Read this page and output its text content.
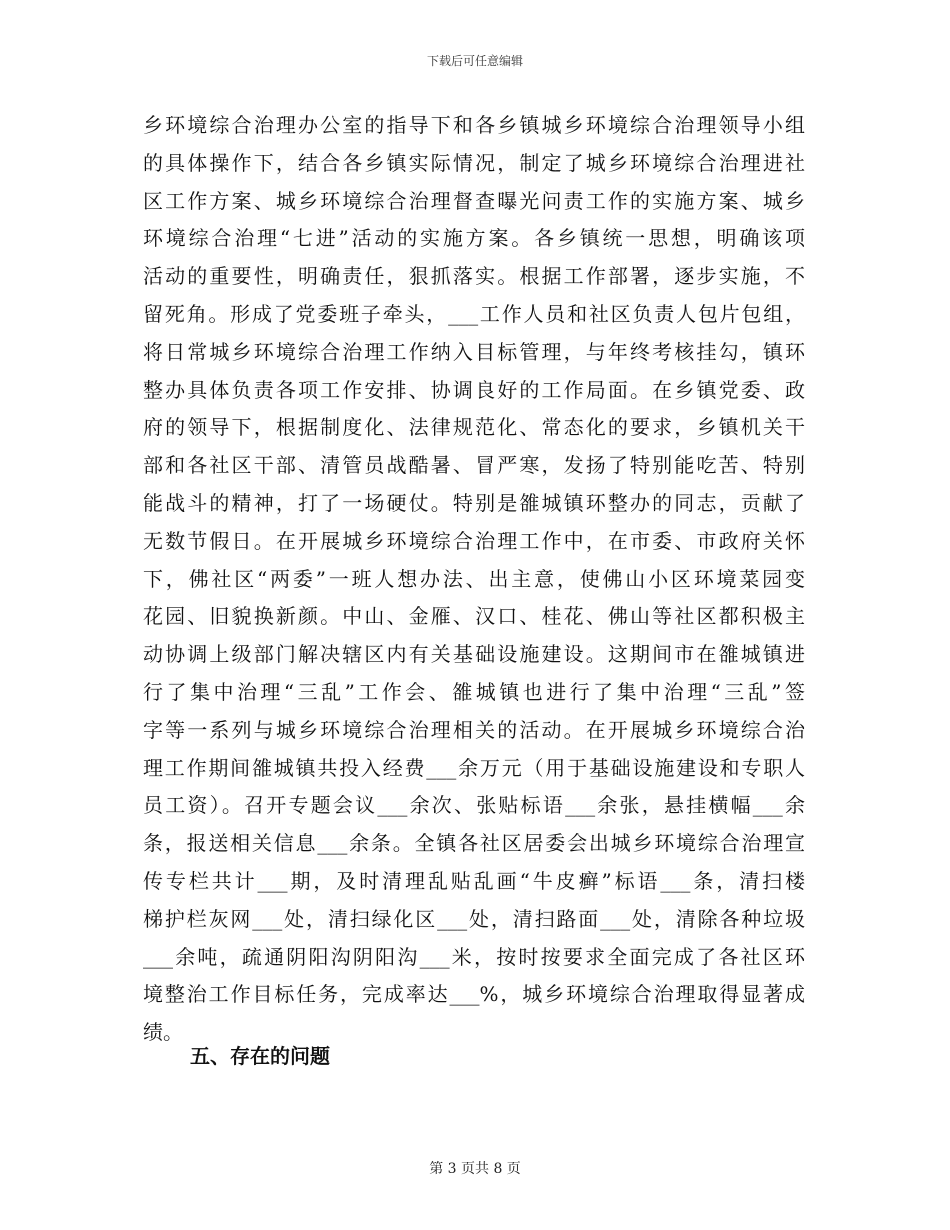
下载后可任意编辑
乡环境综合治理办公室的指导下和各乡镇城乡环境综合治理领导小组
的具体操作下，结合各乡镇实际情况，制定了城乡环境综合治理进社
区工作方案、城乡环境综合治理督查曝光问责工作的实施方案、城乡
环境综合治理“七进”活动的实施方案。各乡镇统一思想，明确该项
活动的重要性，明确责任，狠抓落实。根据工作部署，逐步实施，不
留死角。形成了党委班子牵头，___工作人员和社区负责人包片包组，
将日常城乡环境综合治理工作纳入目标管理，与年终考核挂勾，镇环
整办具体负责各项工作安排、协调良好的工作局面。在乡镇党委、政
府的领导下，根据制度化、法律规范化、常态化的要求，乡镇机关干
部和各社区干部、清管员战酷暑、冒严寒，发扬了特别能吃苦、特别
能战斗的精神，打了一场硬仗。特别是雒城镇环整办的同志，贡献了
无数节假日。在开展城乡环境综合治理工作中，在市委、市政府关怀
下，佛社区“两委”一班人想办法、出主意，使佛山小区环境菜园变
花园、旧貌换新颜。中山、金雁、汉口、桂花、佛山等社区都积极主
动协调上级部门解决辖区内有关基础设施建设。这期间市在雒城镇进
行了集中治理“三乱”工作会、雒城镇也进行了集中治理“三乱”签
字等一系列与城乡环境综合治理相关的活动。在开展城乡环境综合治
理工作期间雒城镇共投入经费___余万元（用于基础设施建设和专职人
员工资）。召开专题会议___余次、张贴标语___余张，悬挂横幅___余
条，报送相关信息___余条。全镇各社区居委会出城乡环境综合治理宣
传专栏共计___期，及时清理乱贴乱画“牛皮癣”标语___条，清扫楼
梯护栏灰网___处，清扫绿化区___处，清扫路面___处，清除各种垃圾
___余吨，疏通阴阳沟阴阳沟___米，按时按要求全面完成了各社区环
境整治工作目标任务，完成率达___%，城乡环境综合治理取得显著成
绩。
五、存在的问题
第 3 页共 8 页
